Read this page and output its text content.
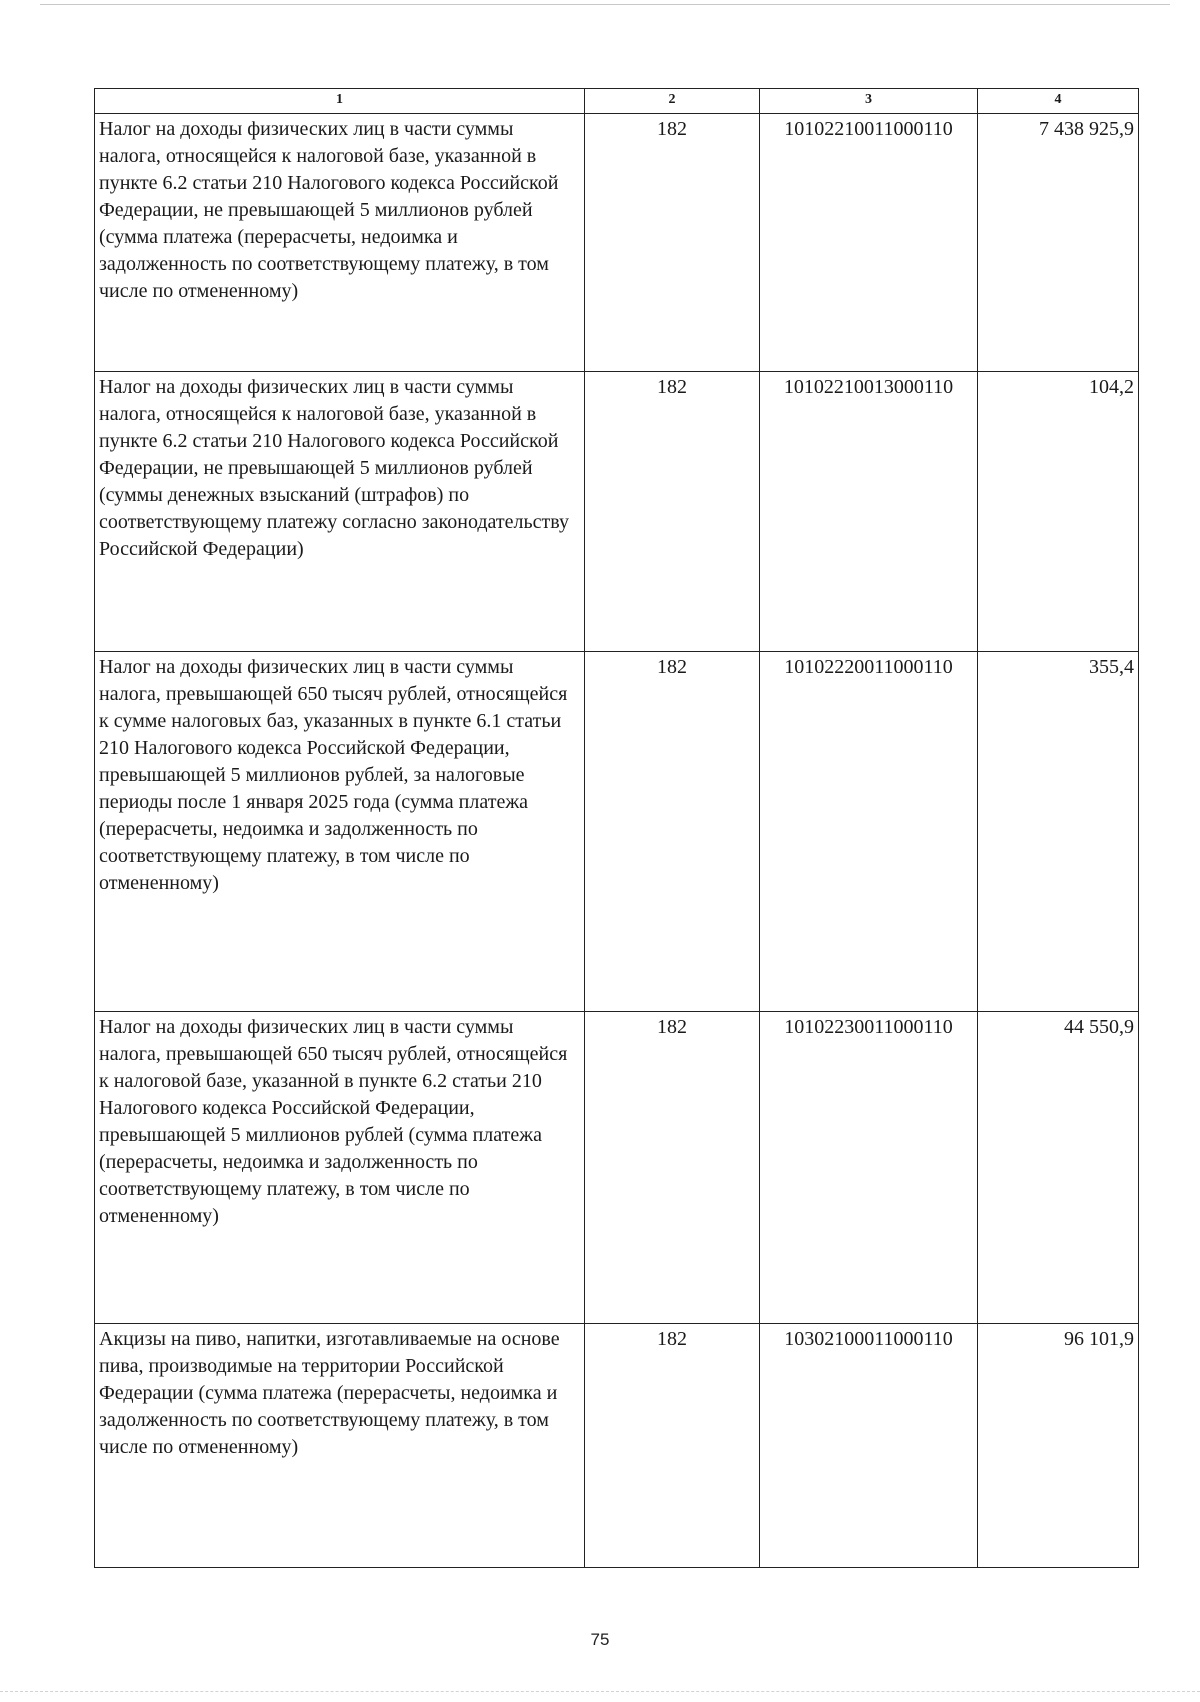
1	2	3	4
Налог на доходы физических лиц в части суммы налога, относящейся к налоговой базе, указанной в пункте 6.2 статьи 210 Налогового кодекса Российской Федерации, не превышающей 5 миллионов рублей (сумма платежа (перерасчеты, недоимка и задолженность по соответствующему платежу, в том числе по отмененному)	182	10102210011000110	7 438 925,9
Налог на доходы физических лиц в части суммы налога, относящейся к налоговой базе, указанной в пункте 6.2 статьи 210 Налогового кодекса Российской Федерации, не превышающей 5 миллионов рублей (суммы денежных взысканий (штрафов) по соответствующему платежу согласно законодательству Российской Федерации)	182	10102210013000110	104,2
Налог на доходы физических лиц в части суммы налога, превышающей 650 тысяч рублей, относящейся к сумме налоговых баз, указанных в пункте 6.1 статьи 210 Налогового кодекса Российской Федерации, превышающей 5 миллионов рублей, за налоговые периоды после 1 января 2025 года (сумма платежа (перерасчеты, недоимка и задолженность по соответствующему платежу, в том числе по отмененному)	182	10102220011000110	355,4
Налог на доходы физических лиц в части суммы налога, превышающей 650 тысяч рублей, относящейся к налоговой базе, указанной в пункте 6.2 статьи 210 Налогового кодекса Российской Федерации, превышающей 5 миллионов рублей (сумма платежа (перерасчеты, недоимка и задолженность по соответствующему платежу, в том числе по отмененному)	182	10102230011000110	44 550,9
Акцизы на пиво, напитки, изготавливаемые на основе пива, производимые на территории Российской Федерации (сумма платежа (перерасчеты, недоимка и задолженность по соответствующему платежу, в том числе по отмененному)	182	10302100011000110	96 101,9
75
